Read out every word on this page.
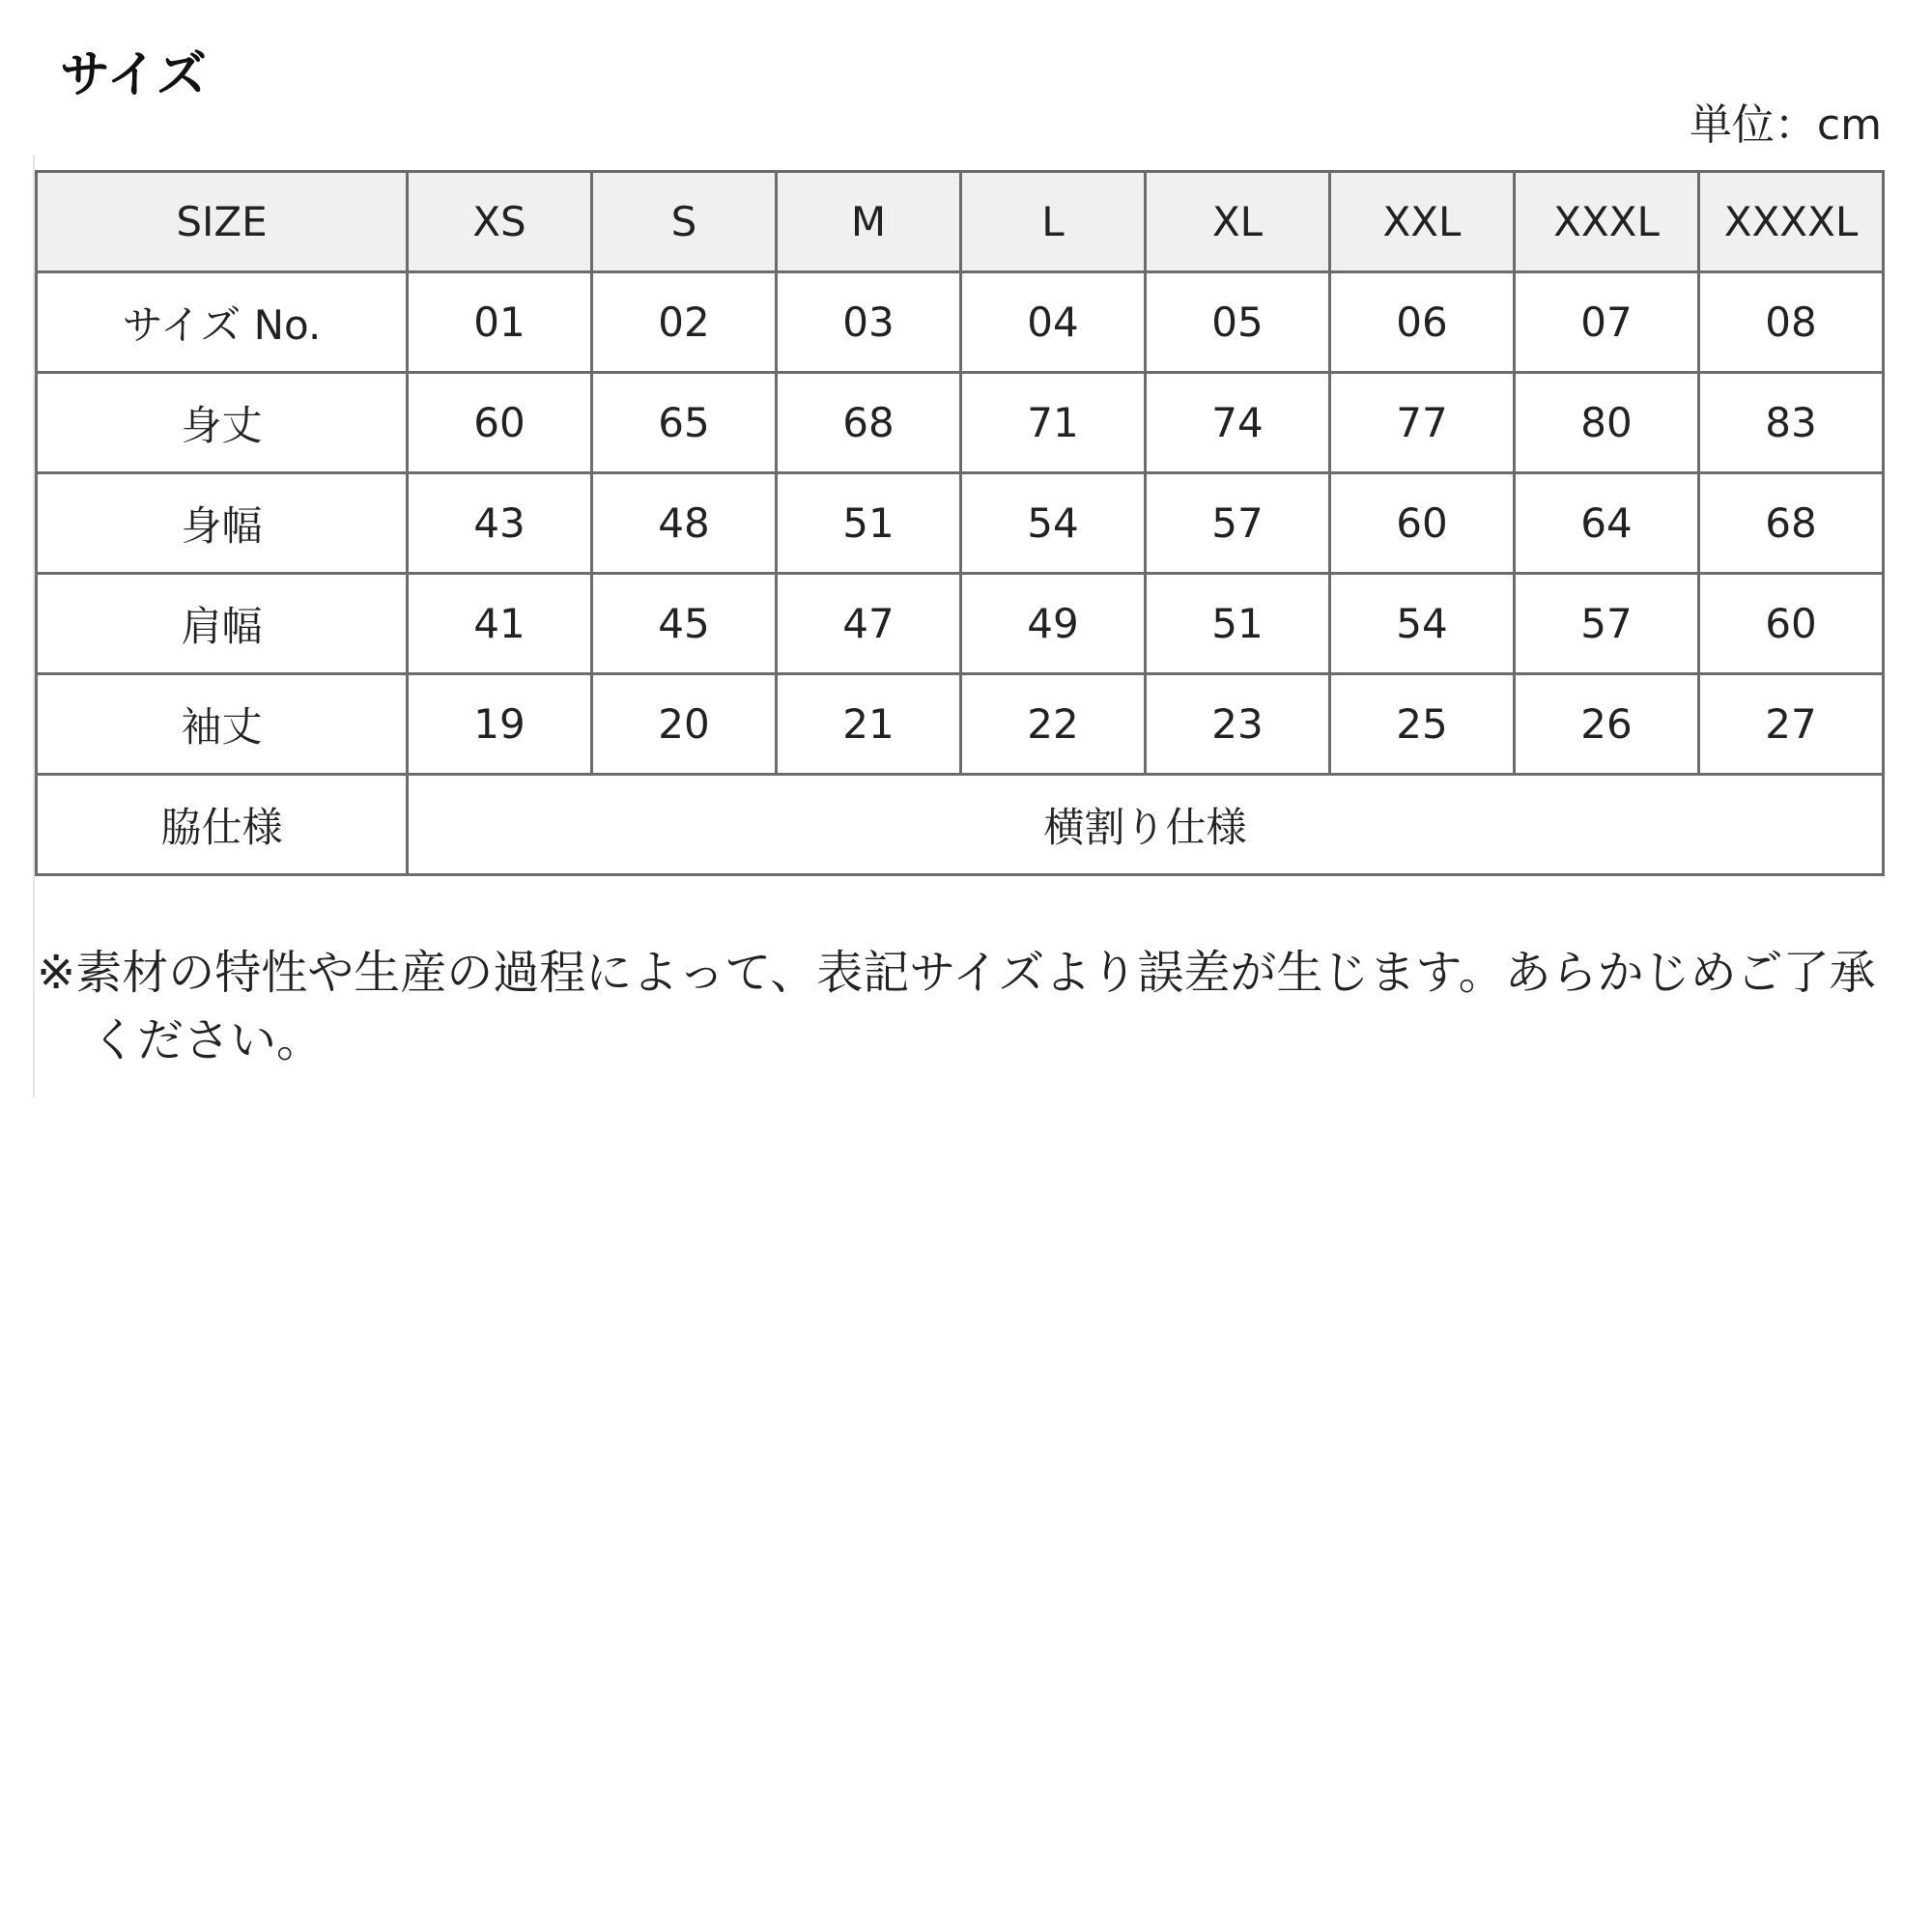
サイズ
単位：cm
SIZE	XS	S	M	L	XL	XXL	XXXL	XXXXL
サイズ No.	01	02	03	04	05	06	07	08
身丈	60	65	68	71	74	77	80	83
身幅	43	48	51	54	57	60	64	68
肩幅	41	45	47	49	51	54	57	60
袖丈	19	20	21	22	23	25	26	27
脇仕様	横割り仕様							
※素材の特性や生産の過程によって、表記サイズより誤差が生じます。あらかじめご了承ください。
